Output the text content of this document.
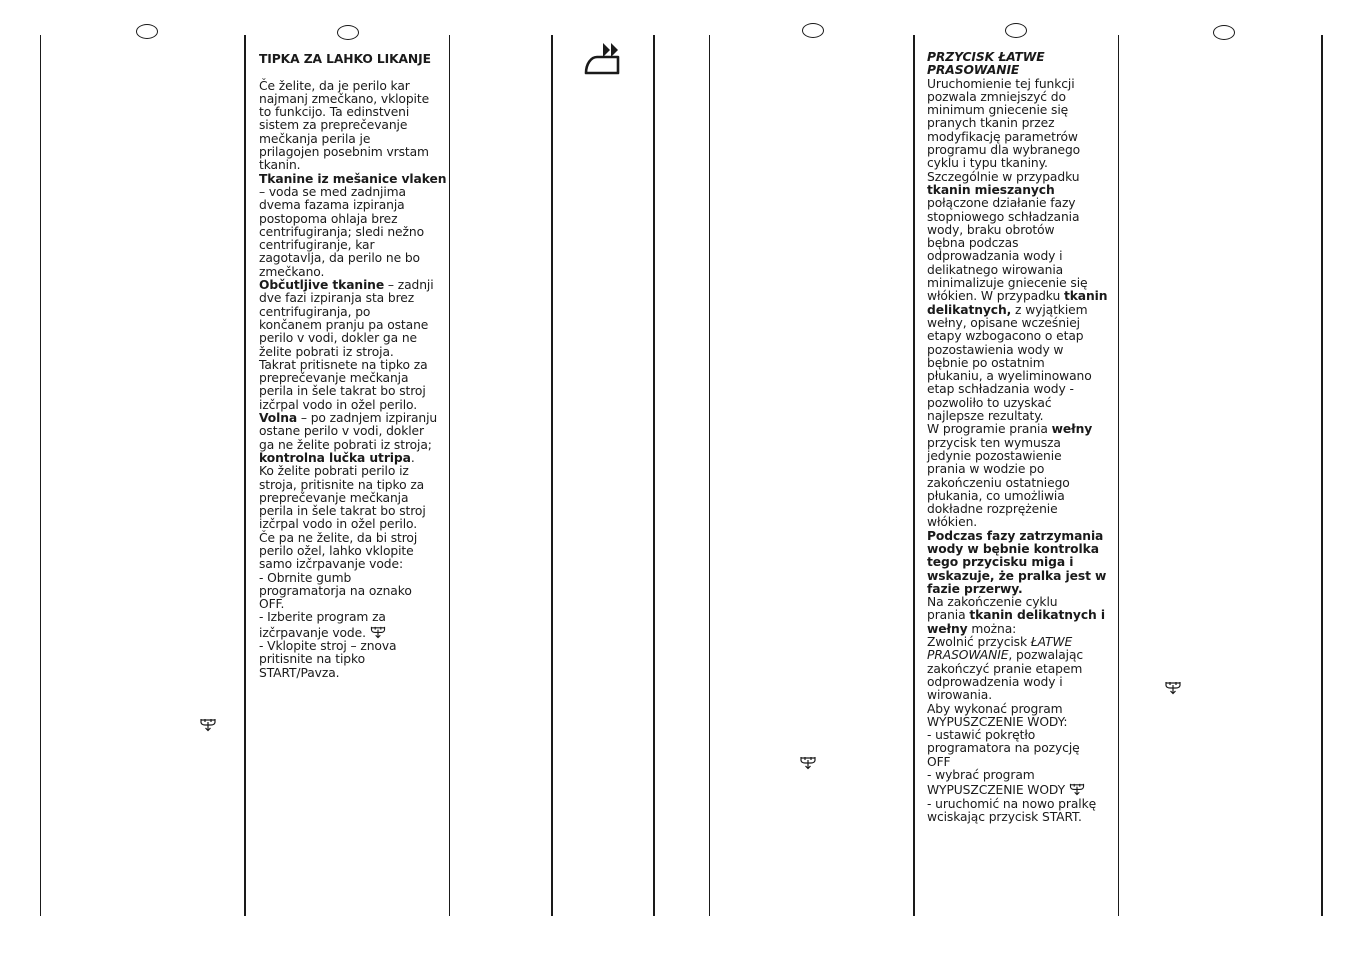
TIPKA ZA LAHKO LIKANJE

Če želite, da je perilo kar

najmanj zmečkano, vklopite

to funkcijo. Ta edinstveni

sistem za preprečevanje

mečkanja perila je

prilagojen posebnim vrstam

tkanin.

Tkanine iz mešanice vlaken

– voda se med zadnjima

dvema fazama izpiranja

postopoma ohlaja brez

centrifugiranja; sledi nežno

centrifugiranje, kar

zagotavlja, da perilo ne bo

zmečkano.

Občutljive tkanine – zadnji

dve fazi izpiranja sta brez

centrifugiranja, po

končanem pranju pa ostane

perilo v vodi, dokler ga ne

želite pobrati iz stroja.

Takrat pritisnete na tipko za

preprečevanje mečkanja

perila in šele takrat bo stroj

izčrpal vodo in ožel perilo.

Volna – po zadnjem izpiranju

ostane perilo v vodi, dokler

ga ne želite pobrati iz stroja;

kontrolna lučka utripa.

Ko želite pobrati perilo iz

stroja, pritisnite na tipko za

preprečevanje mečkanja

perila in šele takrat bo stroj

izčrpal vodo in ožel perilo.

Če pa ne želite, da bi stroj

perilo ožel, lahko vklopite

samo izčrpavanje vode:

- Obrnite gumb

programatorja na oznako

OFF.

- Izberite program za

izčrpavanje vode.

- Vklopite stroj – znova

pritisnite na tipko

START/Pavza.

PRZYCISK ŁATWE

PRASOWANIE

Uruchomienie tej funkcji

pozwala zmniejszyć do

minimum gniecenie się

pranych tkanin przez

modyfikację parametrów

programu dla wybranego

cyklu i typu tkaniny.

Szczególnie w przypadku

tkanin mieszanych

połączone działanie fazy

stopniowego schładzania

wody, braku obrotów

bębna podczas

odprowadzania wody i

delikatnego wirowania

minimalizuje gniecenie się

włókien. W przypadku tkanin

delikatnych, z wyjątkiem

wełny, opisane wcześniej

etapy wzbogacono o etap

pozostawienia wody w

bębnie po ostatnim

płukaniu, a wyeliminowano

etap schładzania wody -

pozwoliło to uzyskać

najlepsze rezultaty.

W programie prania wełny

przycisk ten wymusza

jedynie pozostawienie

prania w wodzie po

zakończeniu ostatniego

płukania, co umożliwia

dokładne rozprężenie

włókien.

Podczas fazy zatrzymania

wody w bębnie kontrolka

tego przycisku miga i

wskazuje, że pralka jest w

fazie przerwy.

Na zakończenie cyklu

prania tkanin delikatnych i

wełny można:

Zwolnić przycisk ŁATWE

PRASOWANIE, pozwalając

zakończyć pranie etapem

odprowadzenia wody i

wirowania.

Aby wykonać program

WYPUSZCZENIE WODY:

- ustawić pokrętło

programatora na pozycję

OFF

- wybrać program

WYPUSZCZENIE WODY

- uruchomić na nowo pralkę

wciskając przycisk START.
